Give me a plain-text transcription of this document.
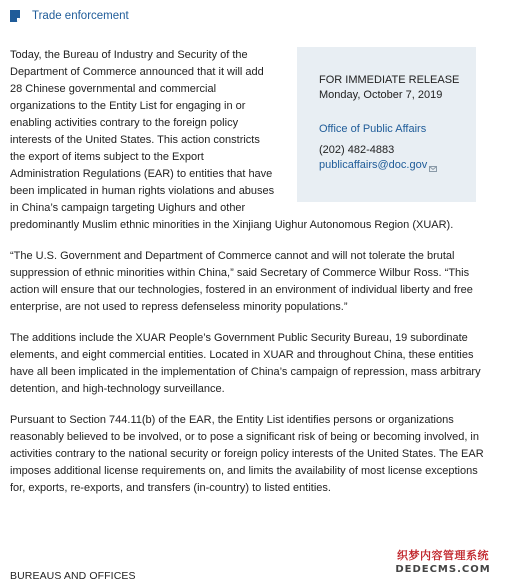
Trade enforcement

FOR IMMEDIATE RELEASE

Monday, October 7, 2019

Office of Public Affairs

(202) 482-4883

publicaffairs@doc.gov

Today, the Bureau of Industry and Security of the Department of Commerce announced that it will add 28 Chinese governmental and commercial organizations to the Entity List for engaging in or enabling activities contrary to the foreign policy interests of the United States. This action constricts the export of items subject to the Export Administration Regulations (EAR) to entities that have been implicated in human rights violations and abuses in China’s campaign targeting Uighurs and other predominantly Muslim ethnic minorities in the Xinjiang Uighur Autonomous Region (XUAR).

“The U.S. Government and Department of Commerce cannot and will not tolerate the brutal suppression of ethnic minorities within China,” said Secretary of Commerce Wilbur Ross. “This action will ensure that our technologies, fostered in an environment of individual liberty and free enterprise, are not used to repress defenseless minority populations.”

The additions include the XUAR People’s Government Public Security Bureau, 19 subordinate elements, and eight commercial entities. Located in XUAR and throughout China, these entities have all been implicated in the implementation of China’s campaign of repression, mass arbitrary detention, and high-technology surveillance.

Pursuant to Section 744.11(b) of the EAR, the Entity List identifies persons or organizations reasonably believed to be involved, or to pose a significant risk of being or becoming involved, in activities contrary to the national security or foreign policy interests of the United States. The EAR imposes additional license requirements on, and limits the availability of most license exceptions for, exports, re-exports, and transfers (in-country) to listed entities.

BUREAUS AND OFFICES
织梦内容管理系统
DEDECMS.COM
